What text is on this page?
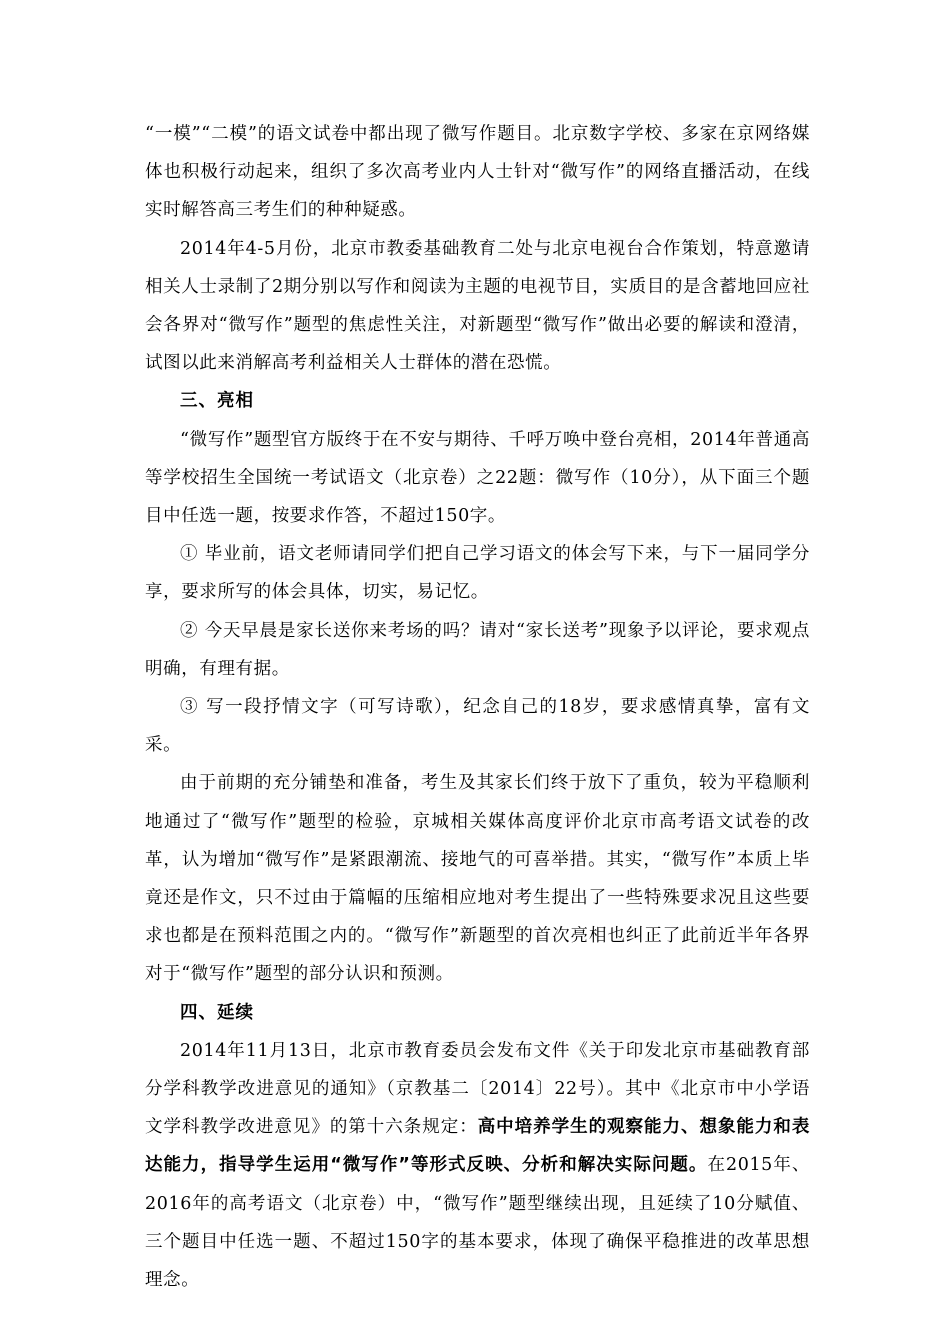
“一模”“二模”的语文试卷中都出现了微写作题目。北京数字学校、多家在京网络媒体也积极行动起来，组织了多次高考业内人士针对“微写作”的网络直播活动，在线实时解答高三考生们的种种疑惑。

2014年4-5月份，北京市教委基础教育二处与北京电视台合作策划，特意邀请相关人士录制了2期分别以写作和阅读为主题的电视节目，实质目的是含蓄地回应社会各界对“微写作”题型的焦虑性关注，对新题型“微写作”做出必要的解读和澄清，试图以此来消解高考利益相关人士群体的潜在恐慌。

三、亮相

“微写作”题型官方版终于在不安与期待、千呼万唤中登台亮相，2014年普通高等学校招生全国统一考试语文（北京卷）之22题：微写作（10分），从下面三个题目中任选一题，按要求作答，不超过150字。

① 毕业前，语文老师请同学们把自己学习语文的体会写下来，与下一届同学分享，要求所写的体会具体，切实，易记忆。

② 今天早晨是家长送你来考场的吗？请对“家长送考”现象予以评论，要求观点明确，有理有据。

③ 写一段抒情文字（可写诗歌），纪念自己的18岁，要求感情真挚，富有文采。

由于前期的充分铺垫和准备，考生及其家长们终于放下了重负，较为平稳顺利地通过了“微写作”题型的检验，京城相关媒体高度评价北京市高考语文试卷的改革，认为增加“微写作”是紧跟潮流、接地气的可喜举措。其实，“微写作”本质上毕竟还是作文，只不过由于篇幅的压缩相应地对考生提出了一些特殊要求况且这些要求也都是在预料范围之内的。“微写作”新题型的首次亮相也纠正了此前近半年各界对于“微写作”题型的部分认识和预测。

四、延续

2014年11月13日，北京市教育委员会发布文件《关于印发北京市基础教育部分学科教学改进意见的通知》（京教基二〔2014〕22号）。其中《北京市中小学语文学科教学改进意见》的第十六条规定：高中培养学生的观察能力、想象能力和表达能力，指导学生运用“微写作”等形式反映、分析和解决实际问题。在2015年、2016年的高考语文（北京卷）中，“微写作”题型继续出现，且延续了10分赋值、三个题目中任选一题、不超过150字的基本要求，体现了确保平稳推进的改革思想理念。
